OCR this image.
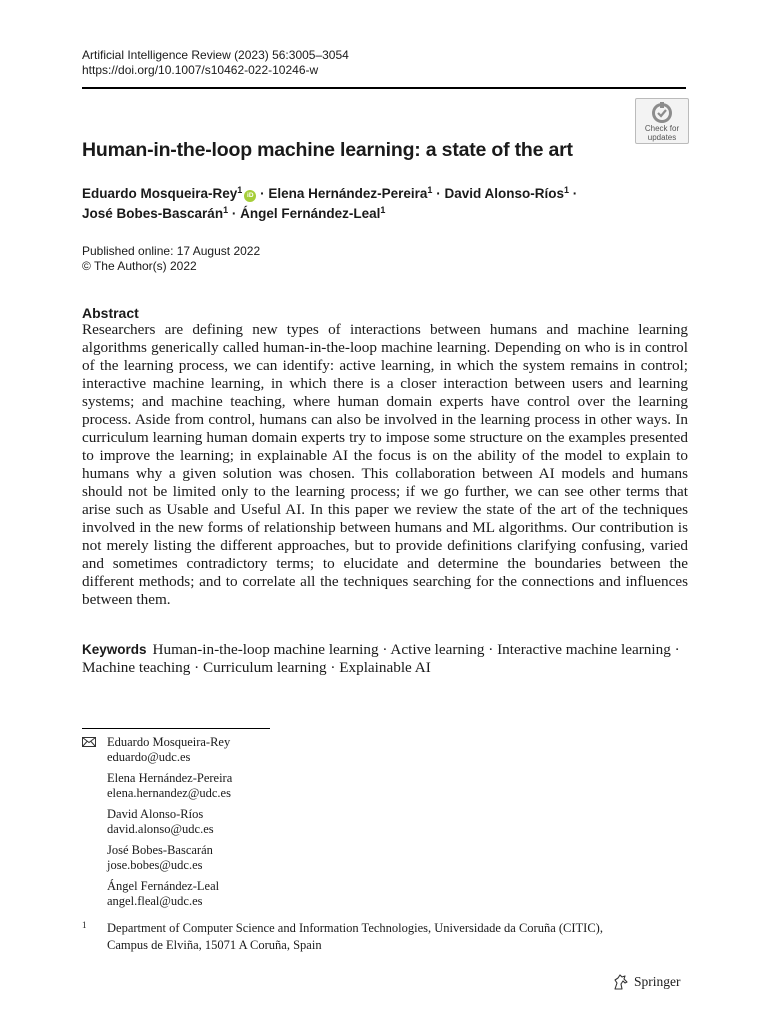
Artificial Intelligence Review (2023) 56:3005–3054
https://doi.org/10.1007/s10462-022-10246-w
Check for
updates
Human-in-the-loop machine learning: a state of the art
Eduardo Mosqueira-Rey$^1$iD · Elena Hernández-Pereira$^1$ · David Alonso-Ríos$^1$ ·
José Bobes-Bascarán$^1$ · Ángel Fernández-Leal$^1$
Published online: 17 August 2022
© The Author(s) 2022
Abstract

Researchers are defining new types of interactions between humans and machine learning algorithms generically called human-in-the-loop machine learning. Depending on who is in control of the learning process, we can identify: active learning, in which the system remains in control; interactive machine learning, in which there is a closer interaction between users and learning systems; and machine teaching, where human domain experts have control over the learning process. Aside from control, humans can also be involved in the learning process in other ways. In curriculum learning human domain experts try to impose some structure on the examples presented to improve the learning; in explainable AI the focus is on the ability of the model to explain to humans why a given solution was chosen. This collaboration between AI models and humans should not be limited only to the learning process; if we go further, we can see other terms that arise such as Usable and Useful AI. In this paper we review the state of the art of the techniques involved in the new forms of relationship between humans and ML algorithms. Our contribution is not merely listing the different approaches, but to provide definitions clarifying confusing, varied and sometimes contradictory terms; to elucidate and determine the boundaries between the different methods; and to correlate all the techniques searching for the connections and influences between them.

Keywords Human-in-the-loop machine learning · Active learning · Interactive machine learning · Machine teaching · Curriculum learning · Explainable AI
Eduardo Mosqueira-Rey
eduardo@udc.es
Elena Hernández-Pereira
elena.hernandez@udc.es
David Alonso-Ríos
david.alonso@udc.es
José Bobes-Bascarán
jose.bobes@udc.es
Ángel Fernández-Leal
angel.fleal@udc.es
1 Department of Computer Science and Information Technologies, Universidade da Coruña (CITIC),
Campus de Elviña, 15071 A Coruña, Spain
Springer
